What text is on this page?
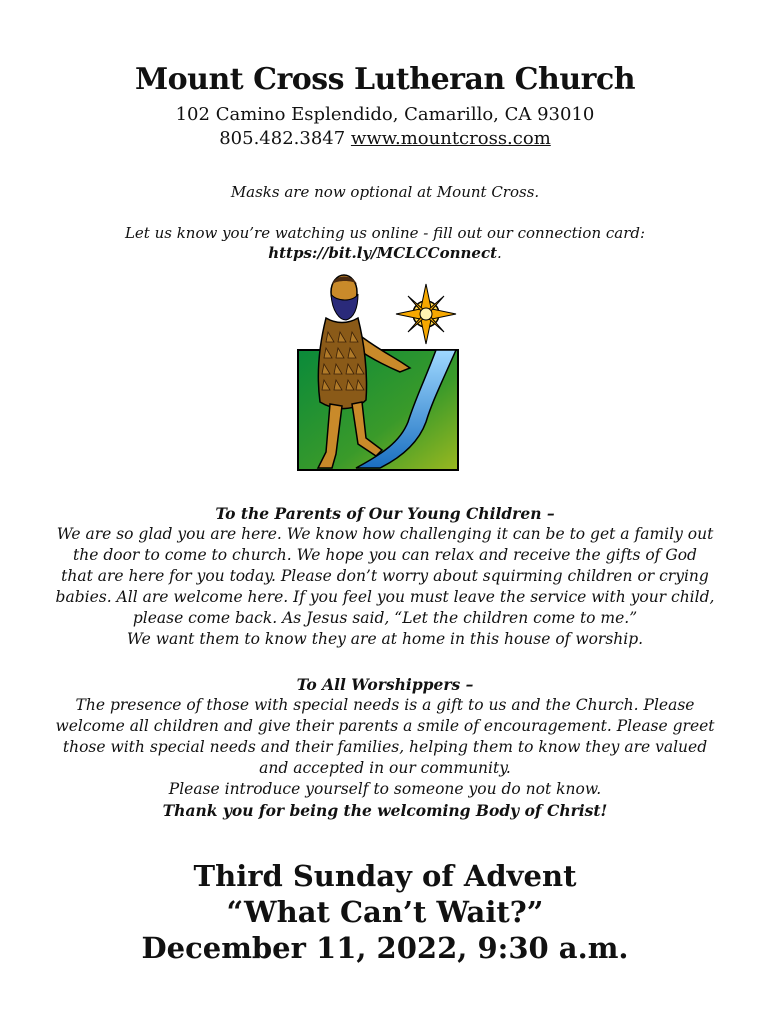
Mount Cross Lutheran Church
102 Camino Esplendido, Camarillo, CA 93010
805.482.3847 www.mountcross.com
Masks are now optional at Mount Cross.
Let us know you’re watching us online - fill out our connection card:
https://bit.ly/MCLCConnect.
To the Parents of Our Young Children –
We are so glad you are here. We know how challenging it can be to get a family out the door to come to church. We hope you can relax and receive the gifts of God that are here for you today. Please don’t worry about squirming children or crying babies. All are welcome here. If you feel you must leave the service with your child, please come back. As Jesus said, “Let the children come to me.”
We want them to know they are at home in this house of worship.
To All Worshippers –
The presence of those with special needs is a gift to us and the Church. Please welcome all children and give their parents a smile of encouragement. Please greet those with special needs and their families, helping them to know they are valued and accepted in our community.
Please introduce yourself to someone you do not know.
Thank you for being the welcoming Body of Christ!
Third Sunday of Advent
“What Can’t Wait?”
December 11, 2022, 9:30 a.m.
